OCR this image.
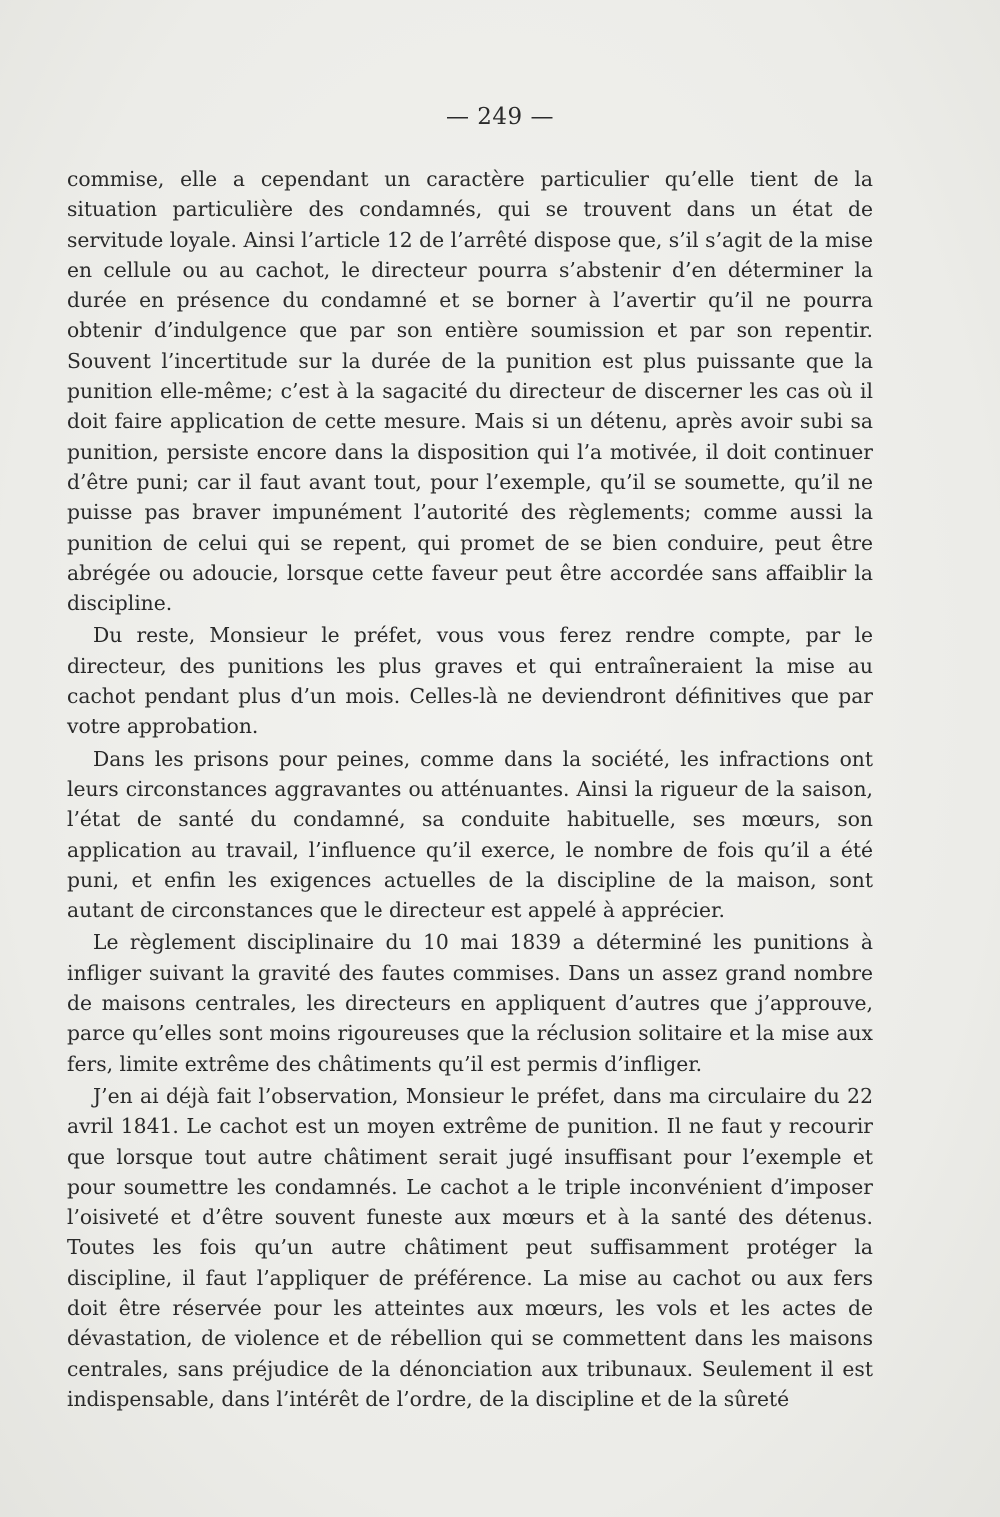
— 249 —

commise, elle a cependant un caractère particulier qu’elle tient de la situation particulière des condamnés, qui se trouvent dans un état de servitude loyale. Ainsi l’article 12 de l’arrêté dispose que, s’il s’agit de la mise en cellule ou au cachot, le directeur pourra s’abstenir d’en déterminer la durée en présence du condamné et se borner à l’avertir qu’il ne pourra obtenir d’indulgence que par son entière soumission et par son repentir. Souvent l’incertitude sur la durée de la punition est plus puissante que la punition elle-même; c’est à la sagacité du directeur de discerner les cas où il doit faire application de cette mesure. Mais si un détenu, après avoir subi sa punition, persiste encore dans la disposition qui l’a motivée, il doit continuer d’être puni; car il faut avant tout, pour l’exemple, qu’il se soumette, qu’il ne puisse pas braver impunément l’autorité des règlements; comme aussi la punition de celui qui se repent, qui promet de se bien conduire, peut être abrégée ou adoucie, lorsque cette faveur peut être accordée sans affaiblir la discipline.

Du reste, Monsieur le préfet, vous vous ferez rendre compte, par le directeur, des punitions les plus graves et qui entraîneraient la mise au cachot pendant plus d’un mois. Celles-là ne deviendront définitives que par votre approbation.

Dans les prisons pour peines, comme dans la société, les infractions ont leurs circonstances aggravantes ou atténuantes. Ainsi la rigueur de la saison, l’état de santé du condamné, sa conduite habituelle, ses mœurs, son application au travail, l’influence qu’il exerce, le nombre de fois qu’il a été puni, et enfin les exigences actuelles de la discipline de la maison, sont autant de circonstances que le directeur est appelé à apprécier.

Le règlement disciplinaire du 10 mai 1839 a déterminé les punitions à infliger suivant la gravité des fautes commises. Dans un assez grand nombre de maisons centrales, les directeurs en appliquent d’autres que j’approuve, parce qu’elles sont moins rigoureuses que la réclusion solitaire et la mise aux fers, limite extrême des châtiments qu’il est permis d’infliger.

J’en ai déjà fait l’observation, Monsieur le préfet, dans ma circulaire du 22 avril 1841. Le cachot est un moyen extrême de punition. Il ne faut y recourir que lorsque tout autre châtiment serait jugé insuffisant pour l’exemple et pour soumettre les condamnés. Le cachot a le triple inconvénient d’imposer l’oisiveté et d’être souvent funeste aux mœurs et à la santé des détenus. Toutes les fois qu’un autre châtiment peut suffisamment protéger la discipline, il faut l’appliquer de préférence. La mise au cachot ou aux fers doit être réservée pour les atteintes aux mœurs, les vols et les actes de dévastation, de violence et de rébellion qui se commettent dans les maisons centrales, sans préjudice de la dénonciation aux tribunaux. Seulement il est indispensable, dans l’intérêt de l’ordre, de la discipline et de la sûreté
